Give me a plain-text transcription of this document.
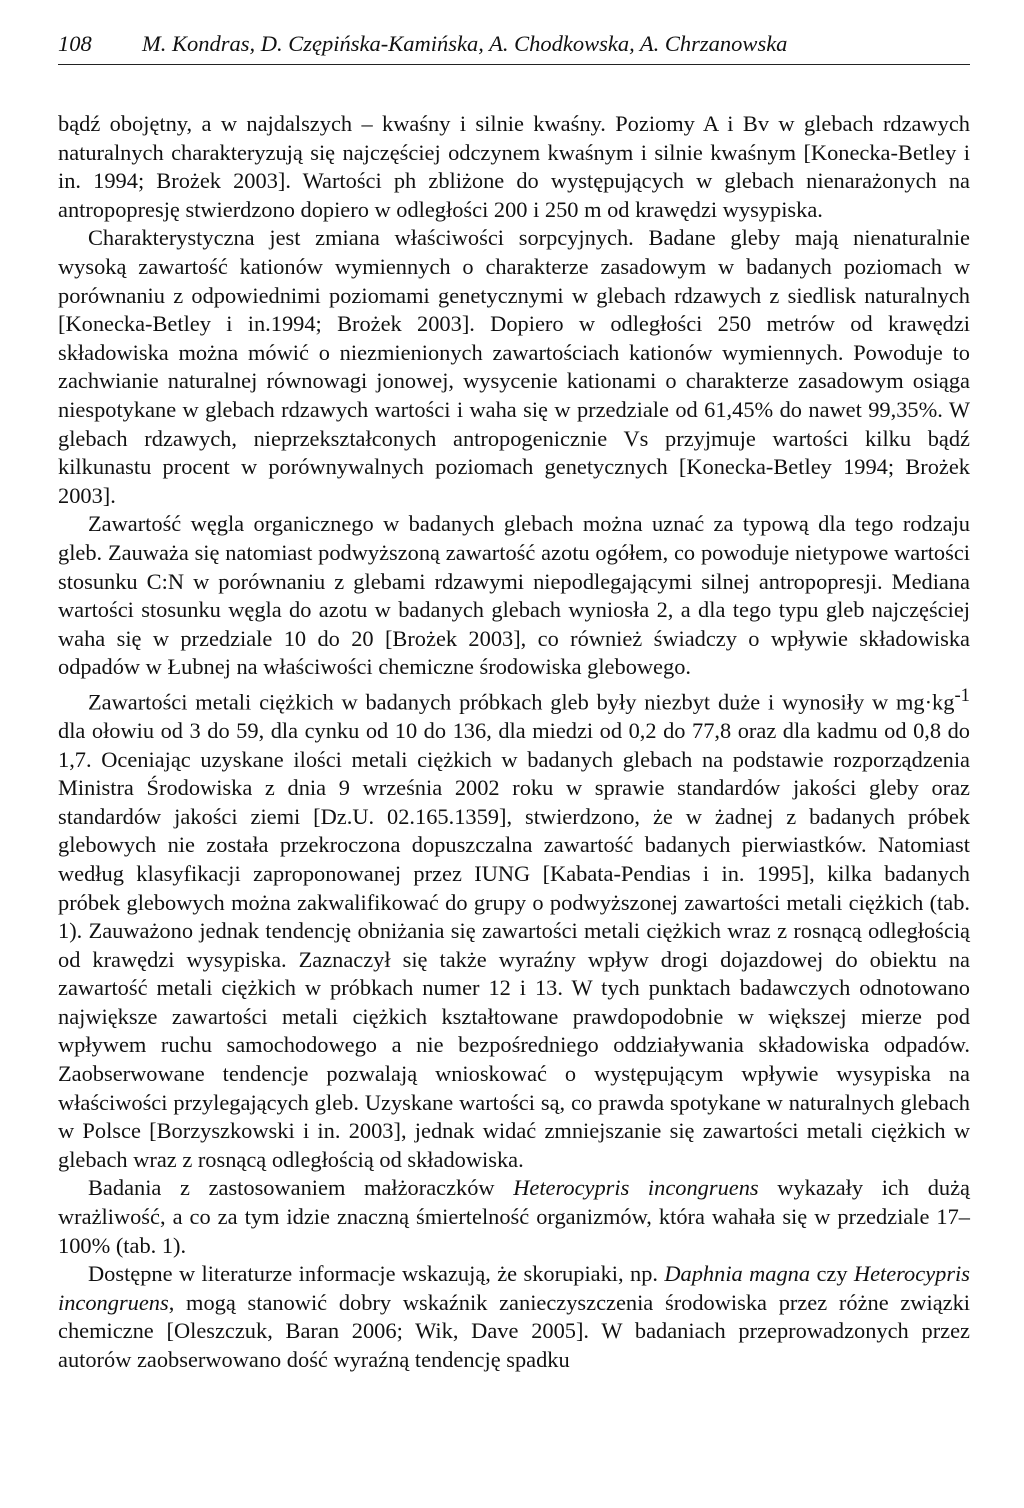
108 M. Kondras, D. Czępińska-Kamińska, A. Chodkowska, A. Chrzanowska

bądź obojętny, a w najdalszych – kwaśny i silnie kwaśny. Poziomy A i Bv w glebach rdzawych naturalnych charakteryzują się najczęściej odczynem kwaśnym i silnie kwaśnym [Konecka-Betley i in. 1994; Brożek 2003]. Wartości ph zbliżone do występujących w glebach nienarażonych na antropopresję stwierdzono dopiero w odległości 200 i 250 m od krawędzi wysypiska.

Charakterystyczna jest zmiana właściwości sorpcyjnych. Badane gleby mają nienaturalnie wysoką zawartość kationów wymiennych o charakterze zasadowym w badanych poziomach w porównaniu z odpowiednimi poziomami genetycznymi w glebach rdzawych z siedlisk naturalnych [Konecka-Betley i in.1994; Brożek 2003]. Dopiero w odległości 250 metrów od krawędzi składowiska można mówić o niezmienionych zawartościach kationów wymiennych. Powoduje to zachwianie naturalnej równowagi jonowej, wysycenie kationami o charakterze zasadowym osiąga niespotykane w glebach rdzawych wartości i waha się w przedziale od 61,45% do nawet 99,35%. W glebach rdzawych, nieprzekształconych antropogenicznie Vs przyjmuje wartości kilku bądź kilkunastu procent w porównywalnych poziomach genetycznych [Konecka-Betley 1994; Brożek 2003].

Zawartość węgla organicznego w badanych glebach można uznać za typową dla tego rodzaju gleb. Zauważa się natomiast podwyższoną zawartość azotu ogółem, co powoduje nietypowe wartości stosunku C:N w porównaniu z glebami rdzawymi niepodlegającymi silnej antropopresji. Mediana wartości stosunku węgla do azotu w badanych glebach wyniosła 2, a dla tego typu gleb najczęściej waha się w przedziale 10 do 20 [Brożek 2003], co również świadczy o wpływie składowiska odpadów w Łubnej na właściwości chemiczne środowiska glebowego.

Zawartości metali ciężkich w badanych próbkach gleb były niezbyt duże i wynosiły w $mg\cdot kg^{-1}$ dla ołowiu od 3 do 59, dla cynku od 10 do 136, dla miedzi od 0,2 do 77,8 oraz dla kadmu od 0,8 do 1,7. Oceniając uzyskane ilości metali ciężkich w badanych glebach na podstawie rozporządzenia Ministra Środowiska z dnia 9 września 2002 roku w sprawie standardów jakości gleby oraz standardów jakości ziemi [Dz.U. 02.165.1359], stwierdzono, że w żadnej z badanych próbek glebowych nie została przekroczona dopuszczalna zawartość badanych pierwiastków. Natomiast według klasyfikacji zaproponowanej przez IUNG [Kabata-Pendias i in. 1995], kilka badanych próbek glebowych można zakwalifikować do grupy o podwyższonej zawartości metali ciężkich (tab. 1). Zauważono jednak tendencję obniżania się zawartości metali ciężkich wraz z rosnącą odległością od krawędzi wysypiska. Zaznaczył się także wyraźny wpływ drogi dojazdowej do obiektu na zawartość metali ciężkich w próbkach numer 12 i 13. W tych punktach badawczych odnotowano największe zawartości metali ciężkich kształtowane prawdopodobnie w większej mierze pod wpływem ruchu samochodowego a nie bezpośredniego oddziaływania składowiska odpadów. Zaobserwowane tendencje pozwalają wnioskować o występującym wpływie wysypiska na właściwości przylegających gleb. Uzyskane wartości są, co prawda spotykane w naturalnych glebach w Polsce [Borzyszkowski i in. 2003], jednak widać zmniejszanie się zawartości metali ciężkich w glebach wraz z rosnącą odległością od składowiska.

Badania z zastosowaniem małżoraczków Heterocypris incongruens wykazały ich dużą wrażliwość, a co za tym idzie znaczną śmiertelność organizmów, która wahała się w przedziale 17–100% (tab. 1).

Dostępne w literaturze informacje wskazują, że skorupiaki, np. Daphnia magna czy Heterocypris incongruens, mogą stanowić dobry wskaźnik zanieczyszczenia środowiska przez różne związki chemiczne [Oleszczuk, Baran 2006; Wik, Dave 2005]. W badaniach przeprowadzonych przez autorów zaobserwowano dość wyraźną tendencję spadku
